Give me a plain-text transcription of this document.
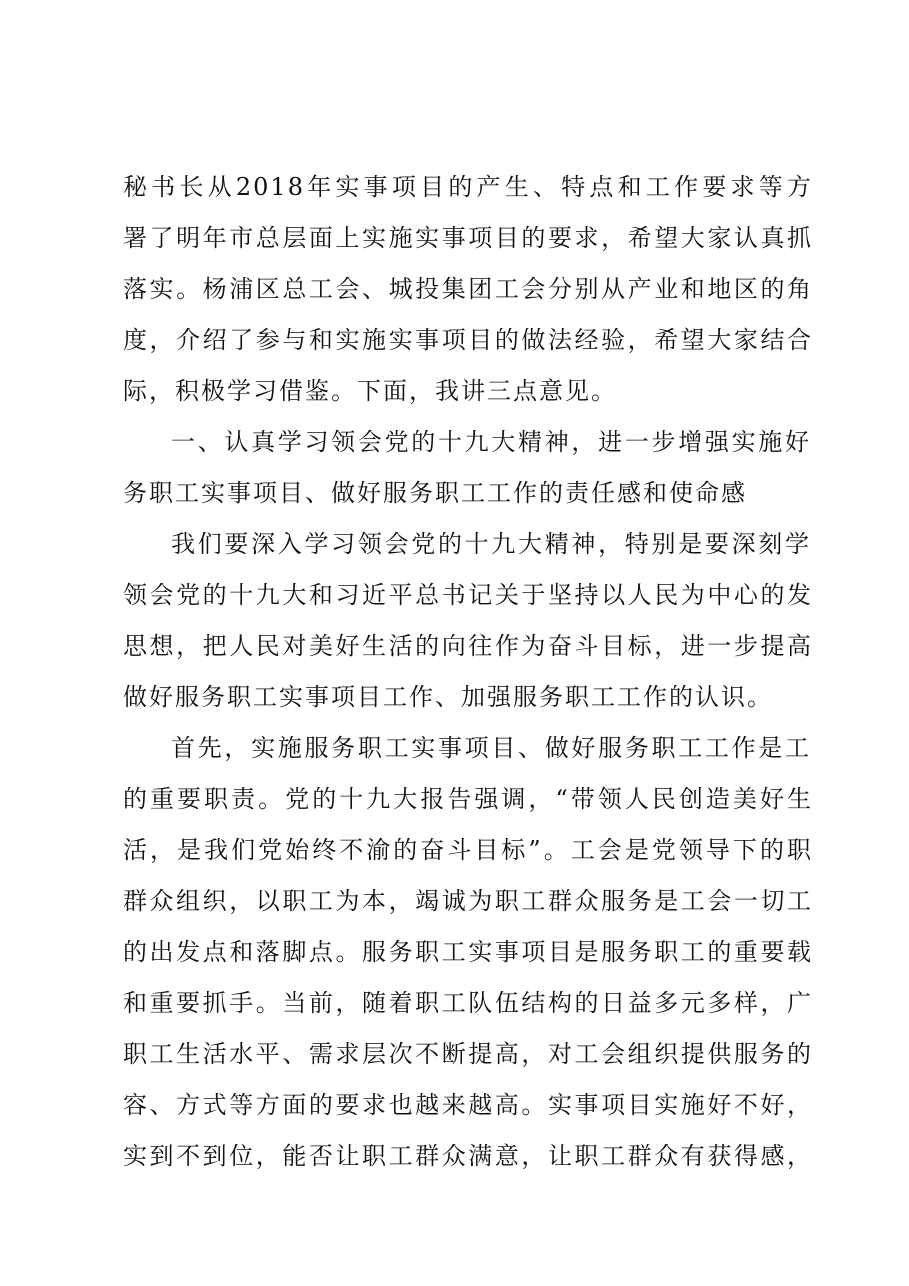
秘书长从2018年实事项目的产生、特点和工作要求等方
署了明年市总层面上实施实事项目的要求，希望大家认真抓
落实。杨浦区总工会、城投集团工会分别从产业和地区的角
度，介绍了参与和实施实事项目的做法经验，希望大家结合
际，积极学习借鉴。下面，我讲三点意见。
一、认真学习领会党的十九大精神，进一步增强实施好
务职工实事项目、做好服务职工工作的责任感和使命感
我们要深入学习领会党的十九大精神，特别是要深刻学
领会党的十九大和习近平总书记关于坚持以人民为中心的发
思想，把人民对美好生活的向往作为奋斗目标，进一步提高
做好服务职工实事项目工作、加强服务职工工作的认识。
首先，实施服务职工实事项目、做好服务职工工作是工
的重要职责。党的十九大报告强调，“带领人民创造美好生
活，是我们党始终不渝的奋斗目标”。工会是党领导下的职
群众组织，以职工为本，竭诚为职工群众服务是工会一切工
的出发点和落脚点。服务职工实事项目是服务职工的重要载
和重要抓手。当前，随着职工队伍结构的日益多元多样，广
职工生活水平、需求层次不断提高，对工会组织提供服务的
容、方式等方面的要求也越来越高。实事项目实施好不好，
实到不到位，能否让职工群众满意，让职工群众有获得感，
